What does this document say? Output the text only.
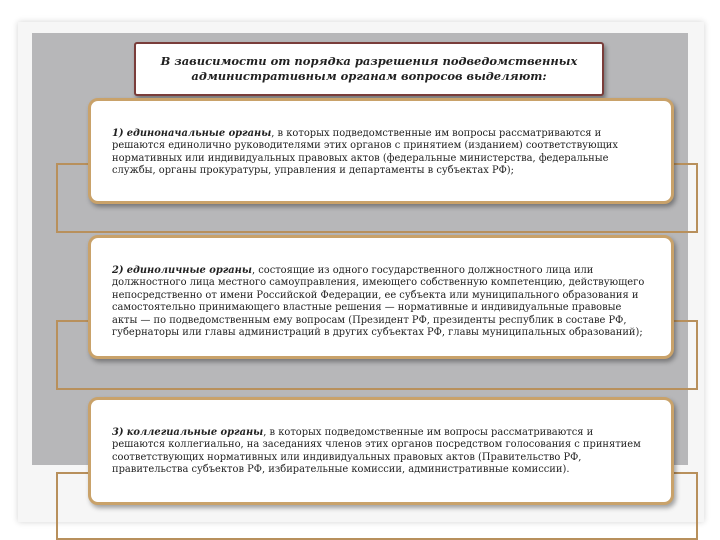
В зависимости от порядка разрешения подведомственных
административным органам вопросов выделяют:
1) единоначальные органы, в которых подведомственные им вопросы рассматриваются и решаются единолично руководителями этих органов с принятием (изданием) соответствующих нормативных или индивидуальных правовых актов (федеральные министерства, федеральные службы, органы прокуратуры, управления и департаменты в субъектах РФ);
2) единоличные органы, состоящие из одного государственного должностного лица или должностного лица местного самоуправления, имеющего собственную компетенцию, действующего непосредственно от имени Российской Федерации, ее субъекта или муниципального образования и самостоятельно принимающего властные решения — нормативные и индивидуальные правовые акты — по подведомственным ему вопросам (Президент РФ, президенты республик в составе РФ, губернаторы или главы администраций в других субъектах РФ, главы муниципальных образований);
3) коллегиальные органы, в которых подведомственные им вопросы рассматриваются и решаются коллегиально, на заседаниях членов этих органов посредством голосования с принятием соответствующих нормативных или индивидуальных правовых актов (Правительство РФ, правительства субъектов РФ, избирательные комиссии, административные комиссии).
